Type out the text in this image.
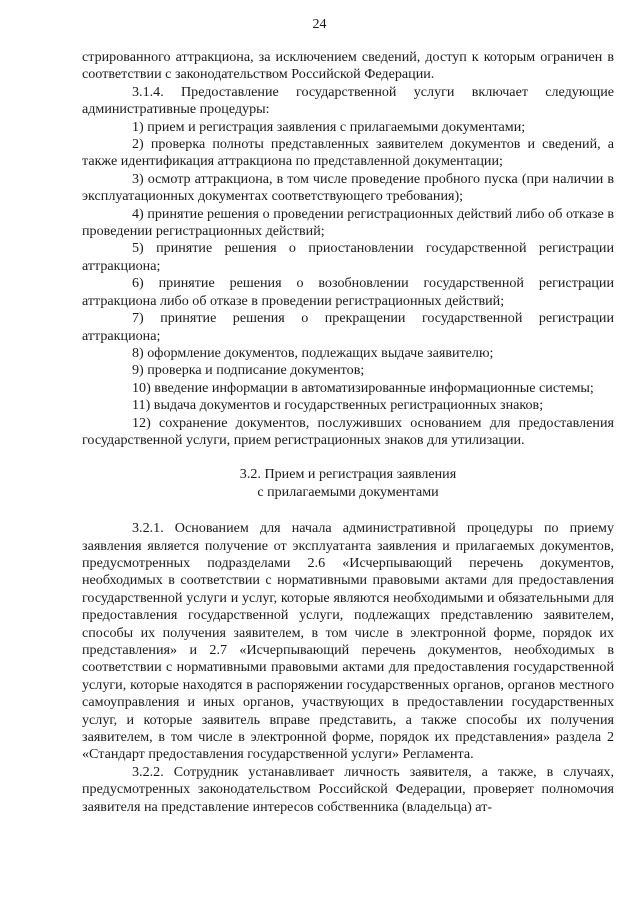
24

стрированного аттракциона, за исключением сведений, доступ к которым ограничен в соответствии с законодательством Российской Федерации.

3.1.4. Предоставление государственной услуги включает следующие административные процедуры:

1) прием и регистрация заявления с прилагаемыми документами;

2) проверка полноты представленных заявителем документов и сведений, а также идентификация аттракциона по представленной документации;

3) осмотр аттракциона, в том числе проведение пробного пуска (при наличии в эксплуатационных документах соответствующего требования);

4) принятие решения о проведении регистрационных действий либо об отказе в проведении регистрационных действий;

5) принятие решения о приостановлении государственной регистрации аттракциона;

6) принятие решения о возобновлении государственной регистрации аттракциона либо об отказе в проведении регистрационных действий;

7) принятие решения о прекращении государственной регистрации аттракциона;

8) оформление документов, подлежащих выдаче заявителю;

9) проверка и подписание документов;

10) введение информации в автоматизированные информационные системы;

11) выдача документов и государственных регистрационных знаков;

12) сохранение документов, послуживших основанием для предоставления государственной услуги, прием регистрационных знаков для утилизации.

3.2. Прием и регистрация заявления

с прилагаемыми документами

3.2.1. Основанием для начала административной процедуры по приему заявления является получение от эксплуатанта заявления и прилагаемых документов, предусмотренных подразделами 2.6 «Исчерпывающий перечень документов, необходимых в соответствии с нормативными правовыми актами для предоставления государственной услуги и услуг, которые являются необходимыми и обязательными для предоставления государственной услуги, подлежащих представлению заявителем, способы их получения заявителем, в том числе в электронной форме, порядок их представления» и 2.7 «Исчерпывающий перечень документов, необходимых в соответствии с нормативными правовыми актами для предоставления государственной услуги, которые находятся в распоряжении государственных органов, органов местного самоуправления и иных органов, участвующих в предоставлении государственных услуг, и которые заявитель вправе представить, а также способы их получения заявителем, в том числе в электронной форме, порядок их представления» раздела 2 «Стандарт предоставления государственной услуги» Регламента.

3.2.2. Сотрудник устанавливает личность заявителя, а также, в случаях, предусмотренных законодательством Российской Федерации, проверяет полномочия заявителя на представление интересов собственника (владельца) ат-
